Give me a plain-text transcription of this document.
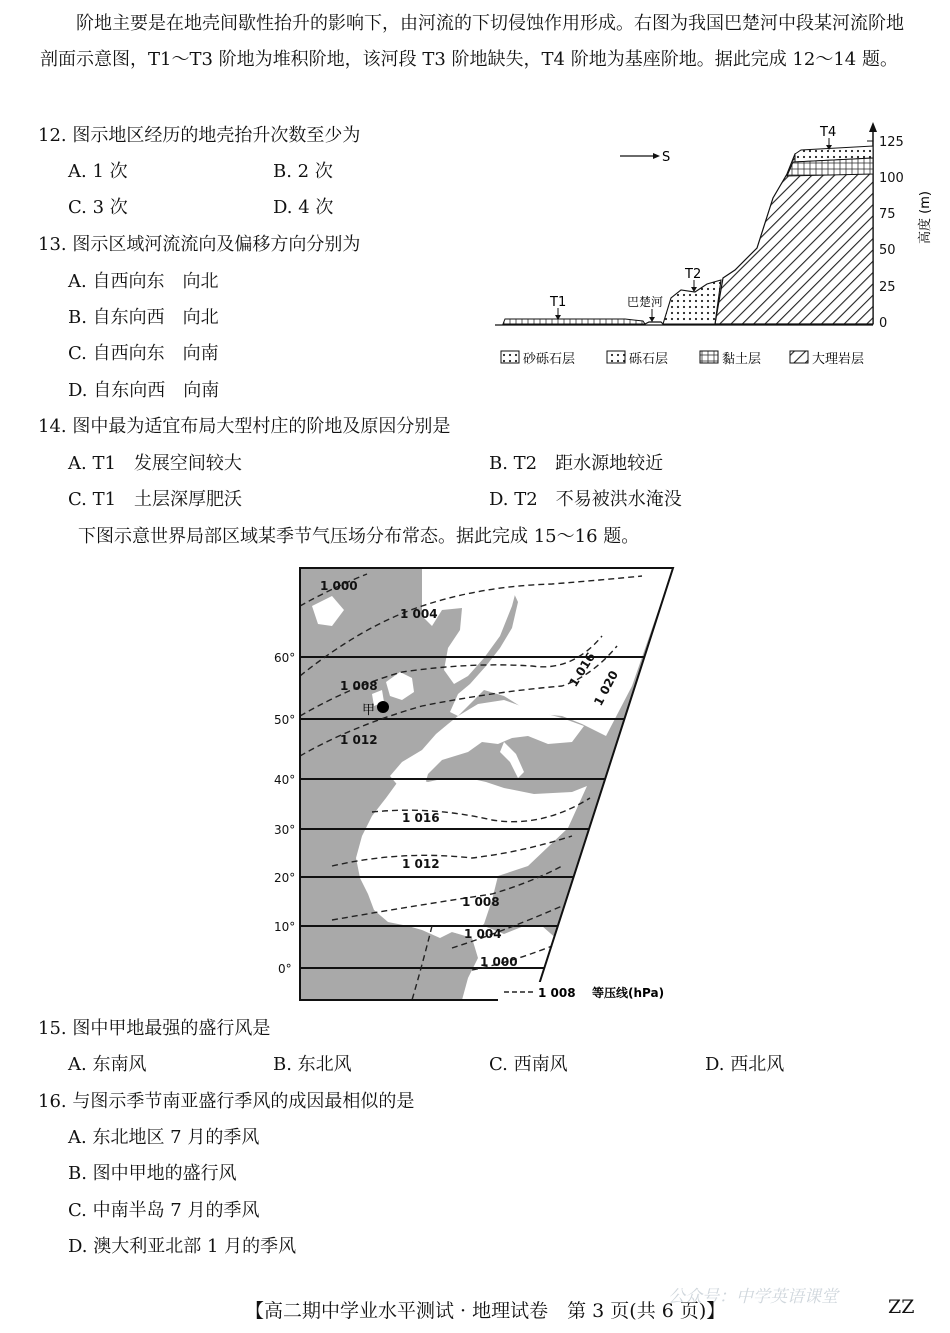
阶地主要是在地壳间歇性抬升的影响下，由河流的下切侵蚀作用形成。右图为我国巴楚河中段某河流阶地剖面示意图，T1～T3 阶地为堆积阶地，该河段 T3 阶地缺失，T4 阶地为基座阶地。据此完成 12～14 题。
12. 图示地区经历的地壳抬升次数至少为
A. 1 次	B. 2 次
C. 3 次	D. 4 次
13. 图示区域河流流向及偏移方向分别为
A. 自西向东　向北
B. 自东向西　向北
C. 自西向东　向南
D. 自东向西　向南
125
100
75
50
25
0
高度 (m)
S
T1
T2
T4
巴楚河
砂砾石层	砾石层	黏土层	大理岩层
14. 图中最为适宜布局大型村庄的阶地及原因分别是
A. T1　发展空间较大	B. T2　距水源地较近
C. T1　土层深厚肥沃	D. T2　不易被洪水淹没
下图示意世界局部区域某季节气压场分布常态。据此完成 15～16 题。
60°
50°
40°
30°
20°
10°
0°
1 000
1 004
1 008
1 012
1 016
1 020
1 016
1 012
1 008
1 004
1 000
甲
1 008 等压线(hPa)
15. 图中甲地最强的盛行风是
A. 东南风	B. 东北风	C. 西南风	D. 西北风
16. 与图示季节南亚盛行季风的成因最相似的是
A. 东北地区 7 月的季风
B. 图中甲地的盛行风
C. 中南半岛 7 月的季风
D. 澳大利亚北部 1 月的季风
公众号：中学英语课堂
【高二期中学业水平测试 · 地理试卷　第 3 页(共 6 页)】	ZZ
